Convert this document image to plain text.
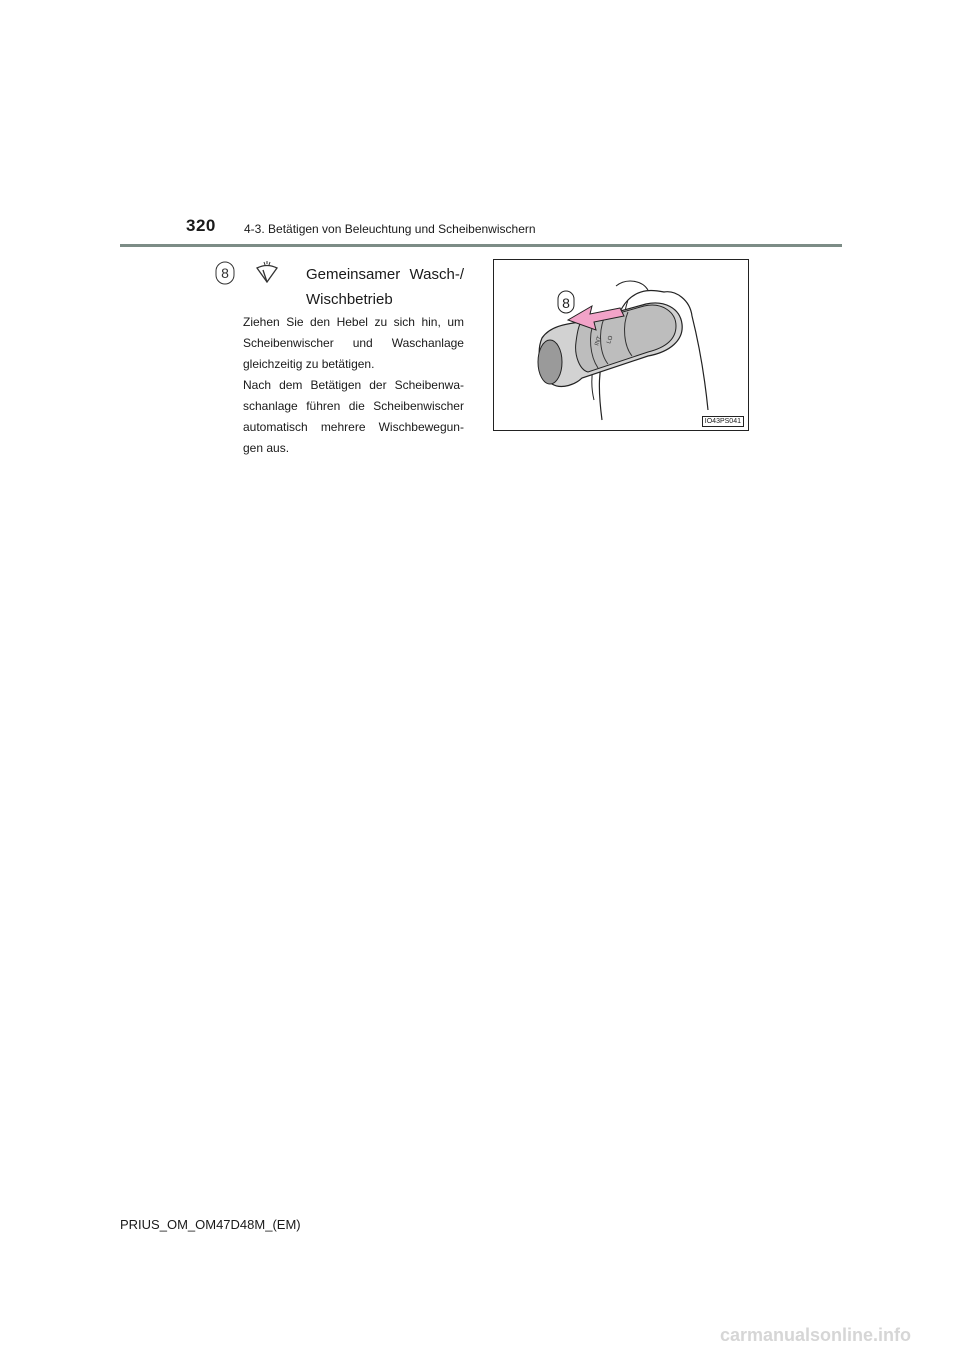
320 4-3. Betätigen von Beleuchtung und Scheibenwischern
8	Gemeinsamer Wasch-/
Wischbetrieb
Ziehen Sie den Hebel zu sich hin, um
Scheibenwischer und Waschanlage
gleichzeitig zu betätigen.
Nach dem Betätigen der Scheibenwa-
schanlage führen die Scheibenwischer
automatisch mehrere Wischbewegun-
gen aus.
INT LO
8
IO43PS041
PRIUS_OM_OM47D48M_(EM)
carmanualsonline.info
